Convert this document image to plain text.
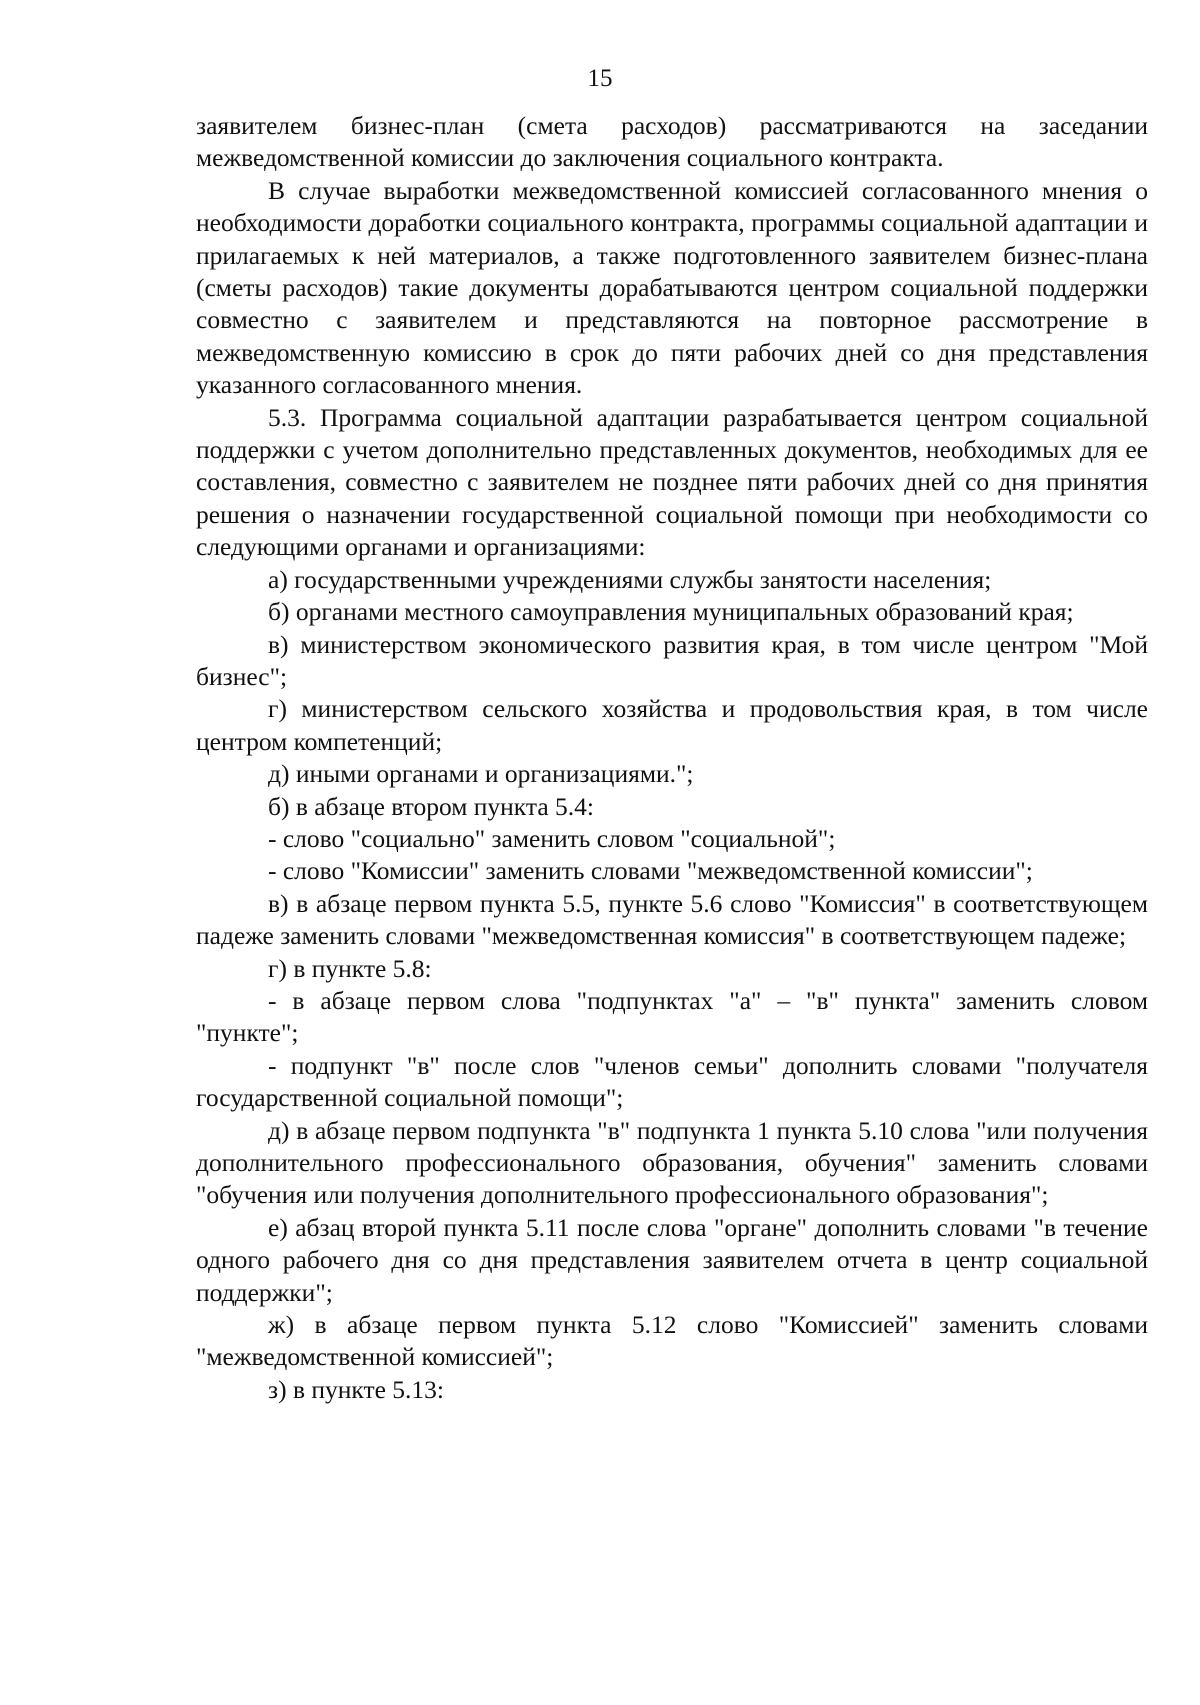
15

заявителем бизнес-план (смета расходов) рассматриваются на заседании межведомственной комиссии до заключения социального контракта.

В случае выработки межведомственной комиссией согласованного мнения о необходимости доработки социального контракта, программы социальной адаптации и прилагаемых к ней материалов, а также подготовленного заявителем бизнес-плана (сметы расходов) такие документы дорабатываются центром социальной поддержки совместно с заявителем и представляются на повторное рассмотрение в межведомственную комиссию в срок до пяти рабочих дней со дня представления указанного согласованного мнения.

5.3. Программа социальной адаптации разрабатывается центром социальной поддержки с учетом дополнительно представленных документов, необходимых для ее составления, совместно с заявителем не позднее пяти рабочих дней со дня принятия решения о назначении государственной социальной помощи при необходимости со следующими органами и организациями:

а) государственными учреждениями службы занятости населения;

б) органами местного самоуправления муниципальных образований края;

в) министерством экономического развития края, в том числе центром "Мой бизнес";

г) министерством сельского хозяйства и продовольствия края, в том числе центром компетенций;

д) иными органами и организациями.";

б) в абзаце втором пункта 5.4:

- слово "социально" заменить словом "социальной";

- слово "Комиссии" заменить словами "межведомственной комиссии";

в) в абзаце первом пункта 5.5, пункте 5.6 слово "Комиссия" в соответствующем падеже заменить словами "межведомственная комиссия" в соответствующем падеже;

г) в пункте 5.8:

- в абзаце первом слова "подпунктах "а" – "в" пункта" заменить словом "пункте";

- подпункт "в" после слов "членов семьи" дополнить словами "получателя государственной социальной помощи";

д) в абзаце первом подпункта "в" подпункта 1 пункта 5.10 слова "или получения дополнительного профессионального образования, обучения" заменить словами "обучения или получения дополнительного профессионального образования";

е) абзац второй пункта 5.11 после слова "органе" дополнить словами "в течение одного рабочего дня со дня представления заявителем отчета в центр социальной поддержки";

ж) в абзаце первом пункта 5.12 слово "Комиссией" заменить словами "межведомственной комиссией";

з) в пункте 5.13:
